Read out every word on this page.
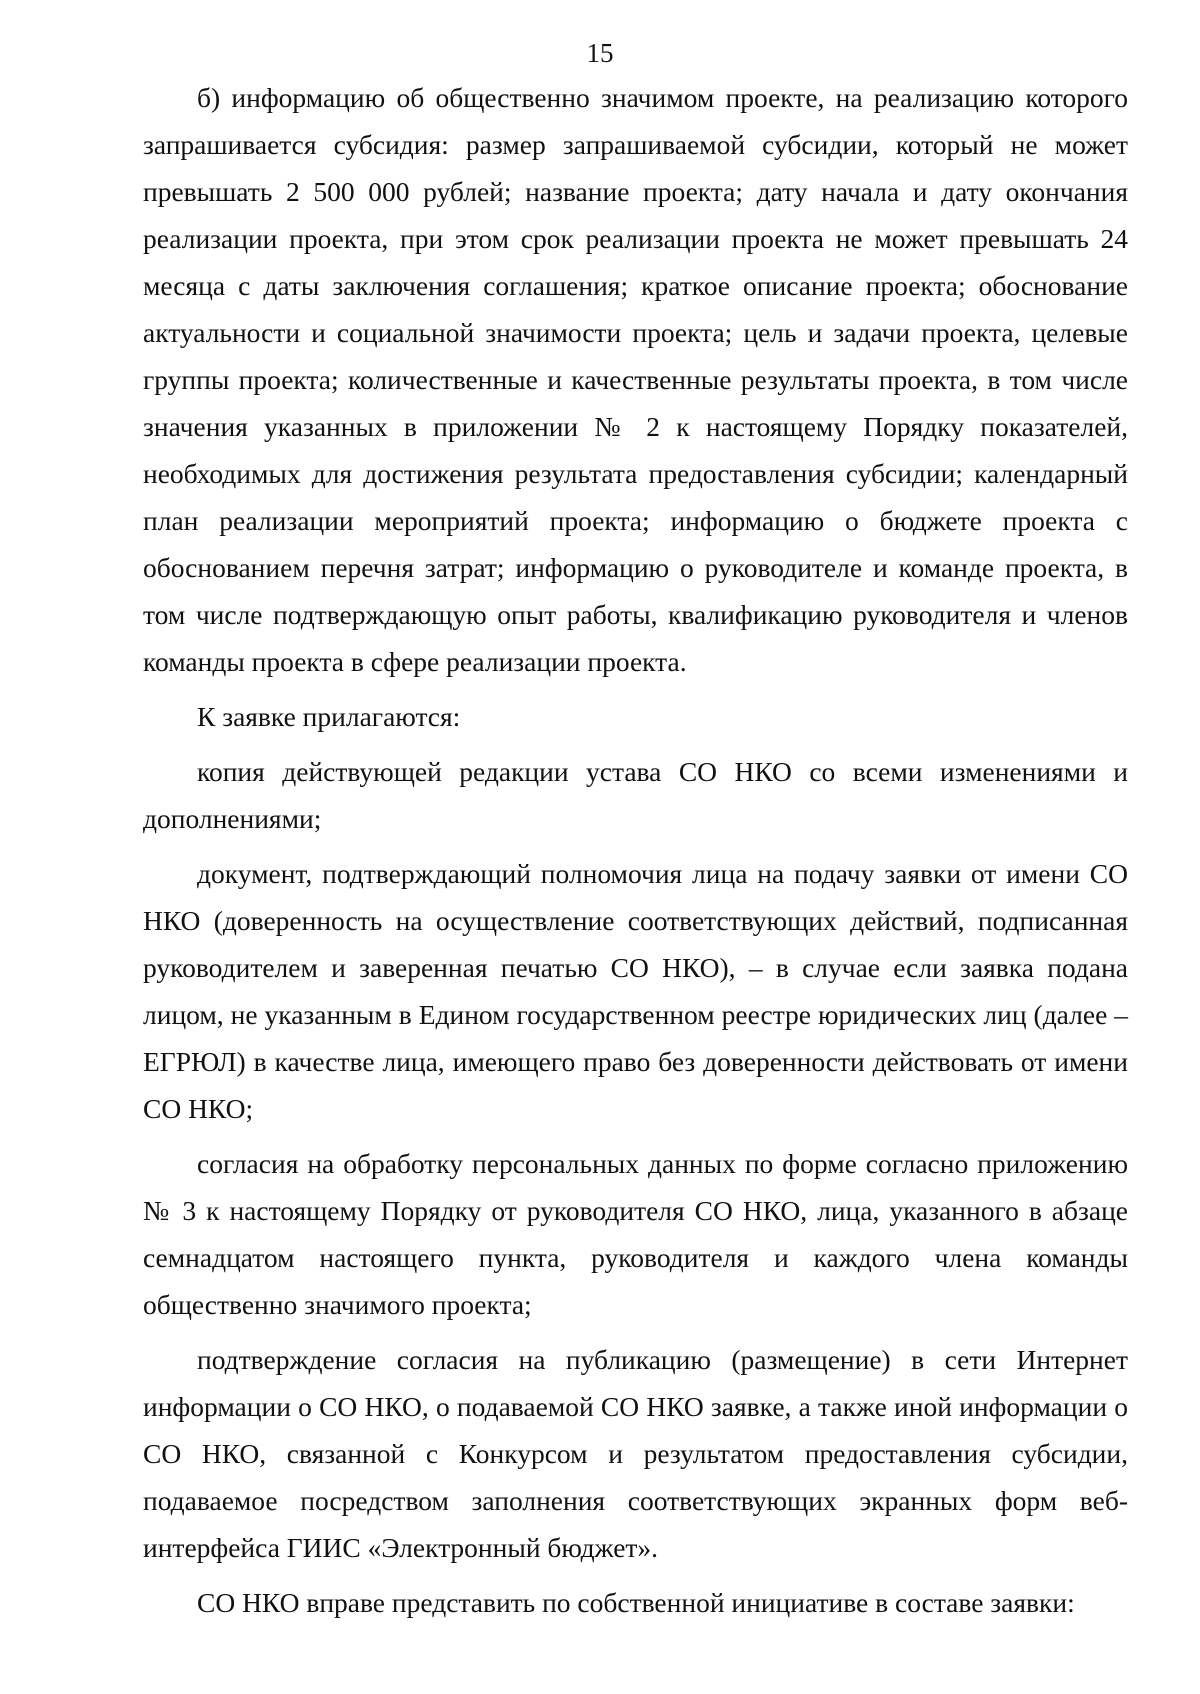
15

б) информацию об общественно значимом проекте, на реализацию которого запрашивается субсидия: размер запрашиваемой субсидии, который не может превышать 2 500 000 рублей; название проекта; дату начала и дату окончания реализации проекта, при этом срок реализации проекта не может превышать 24 месяца с даты заключения соглашения; краткое описание проекта; обоснование актуальности и социальной значимости проекта; цель и задачи проекта, целевые группы проекта; количественные и качественные результаты проекта, в том числе значения указанных в приложении № 2 к настоящему Порядку показателей, необходимых для достижения результата предоставления субсидии; календарный план реализации мероприятий проекта; информацию о бюджете проекта с обоснованием перечня затрат; информацию о руководителе и команде проекта, в том числе подтверждающую опыт работы, квалификацию руководителя и членов команды проекта в сфере реализации проекта.

К заявке прилагаются:

копия действующей редакции устава СО НКО со всеми изменениями и дополнениями;

документ, подтверждающий полномочия лица на подачу заявки от имени СО НКО (доверенность на осуществление соответствующих действий, подписанная руководителем и заверенная печатью СО НКО), – в случае если заявка подана лицом, не указанным в Едином государственном реестре юридических лиц (далее – ЕГРЮЛ) в качестве лица, имеющего право без доверенности действовать от имени СО НКО;

согласия на обработку персональных данных по форме согласно приложению № 3 к настоящему Порядку от руководителя СО НКО, лица, указанного в абзаце семнадцатом настоящего пункта, руководителя и каждого члена команды общественно значимого проекта;

подтверждение согласия на публикацию (размещение) в сети Интернет информации о СО НКО, о подаваемой СО НКО заявке, а также иной информации о СО НКО, связанной с Конкурсом и результатом предоставления субсидии, подаваемое посредством заполнения соответствующих экранных форм веб-интерфейса ГИИС «Электронный бюджет».

СО НКО вправе представить по собственной инициативе в составе заявки:
